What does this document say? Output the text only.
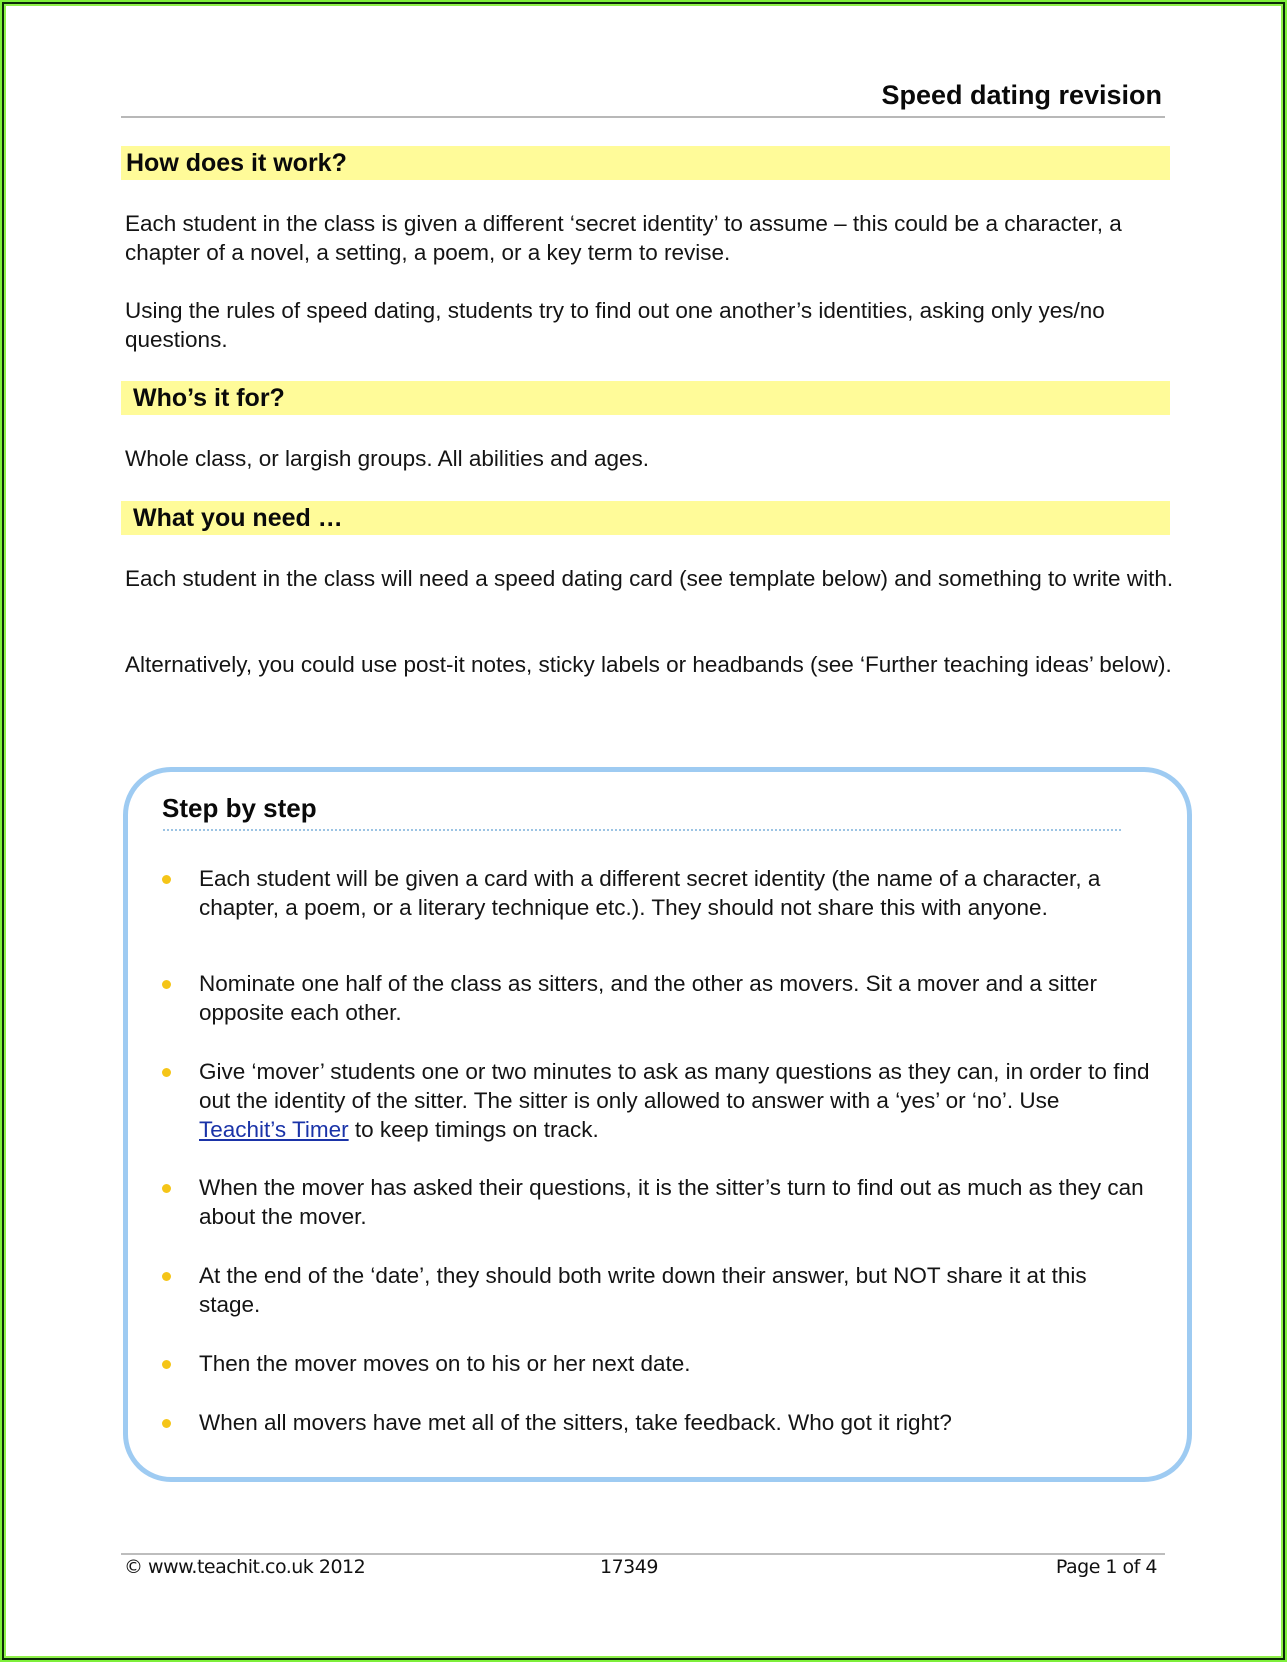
Speed dating revision
How does it work?

Each student in the class is given a different ‘secret identity’ to assume – this could be a character, a chapter of a novel, a setting, a poem, or a key term to revise.

Using the rules of speed dating, students try to find out one another’s identities, asking only yes/no questions.

Who’s it for?

Whole class, or largish groups. All abilities and ages.

What you need …

Each student in the class will need a speed dating card (see template below) and something to write with.

Alternatively, you could use post-it notes, sticky labels or headbands (see ‘Further teaching ideas’ below).

Step by step
Each student will be given a card with a different secret identity (the name of a character, a chapter, a poem, or a literary technique etc.). They should not share this with anyone.
Nominate one half of the class as sitters, and the other as movers. Sit a mover and a sitter opposite each other.
Give ‘mover’ students one or two minutes to ask as many questions as they can, in order to find out the identity of the sitter. The sitter is only allowed to answer with a ‘yes’ or ‘no’. Use Teachit’s Timer to keep timings on track.
When the mover has asked their questions, it is the sitter’s turn to find out as much as they can about the mover.
At the end of the ‘date’, they should both write down their answer, but NOT share it at this stage.
Then the mover moves on to his or her next date.
When all movers have met all of the sitters, take feedback. Who got it right?
© www.teachit.co.uk 2012	17349	Page 1 of 4
